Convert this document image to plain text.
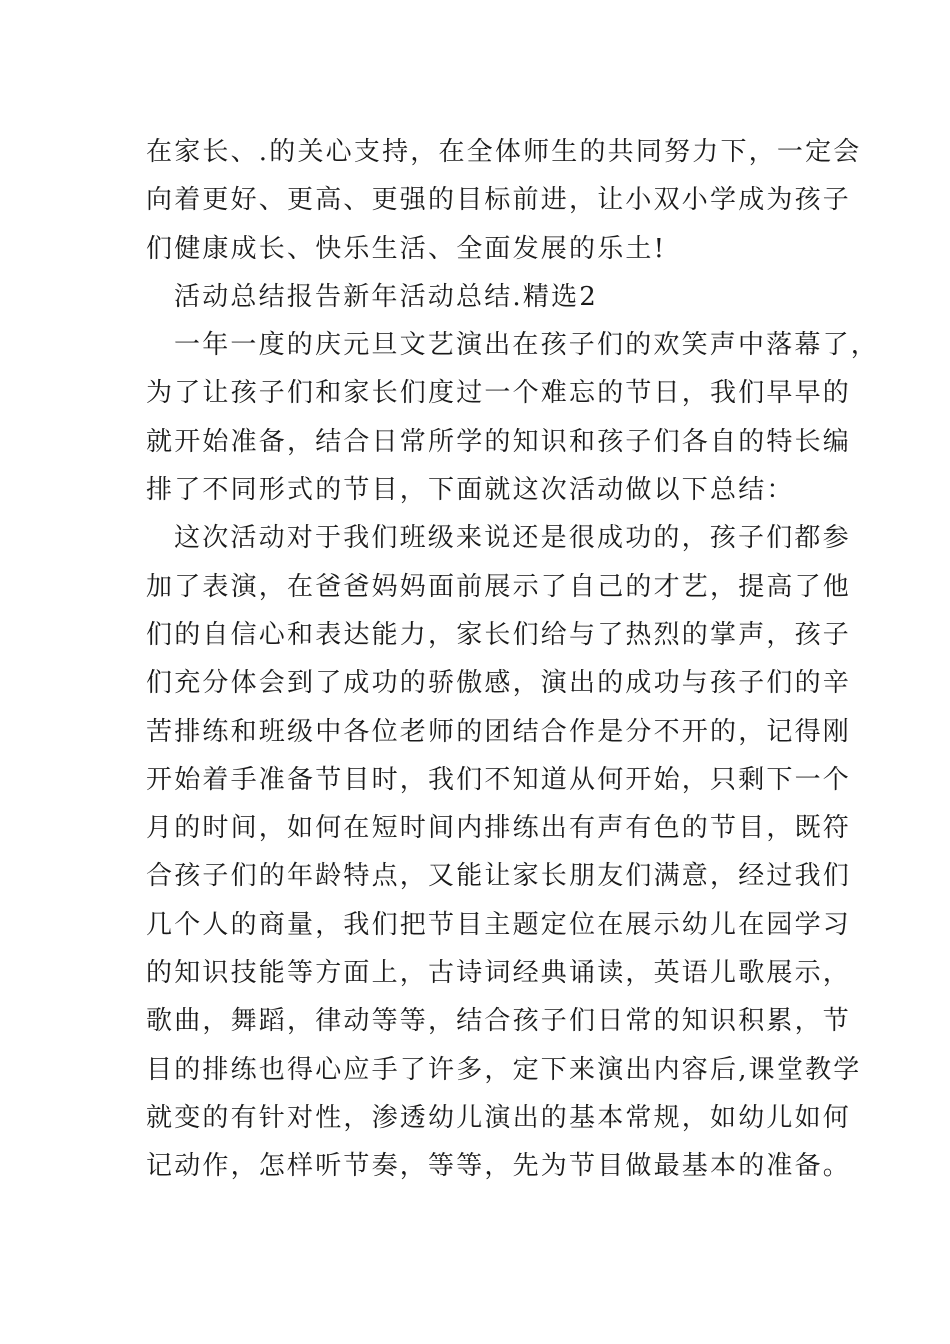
在家长、.的关心支持，在全体师生的共同努力下，一定会
向着更好、更高、更强的目标前进，让小双小学成为孩子
们健康成长、快乐生活、全面发展的乐土!
活动总结报告新年活动总结.精选2
一年一度的庆元旦文艺演出在孩子们的欢笑声中落幕了，
为了让孩子们和家长们度过一个难忘的节日，我们早早的
就开始准备，结合日常所学的知识和孩子们各自的特长编
排了不同形式的节目，下面就这次活动做以下总结：
这次活动对于我们班级来说还是很成功的，孩子们都参
加了表演，在爸爸妈妈面前展示了自己的才艺，提高了他
们的自信心和表达能力，家长们给与了热烈的掌声，孩子
们充分体会到了成功的骄傲感，演出的成功与孩子们的辛
苦排练和班级中各位老师的团结合作是分不开的，记得刚
开始着手准备节目时，我们不知道从何开始，只剩下一个
月的时间，如何在短时间内排练出有声有色的节目，既符
合孩子们的年龄特点，又能让家长朋友们满意，经过我们
几个人的商量，我们把节目主题定位在展示幼儿在园学习
的知识技能等方面上，古诗词经典诵读，英语儿歌展示，
歌曲，舞蹈，律动等等，结合孩子们日常的知识积累，节
目的排练也得心应手了许多，定下来演出内容后,课堂教学
就变的有针对性，渗透幼儿演出的基本常规，如幼儿如何
记动作，怎样听节奏，等等，先为节目做最基本的准备。
